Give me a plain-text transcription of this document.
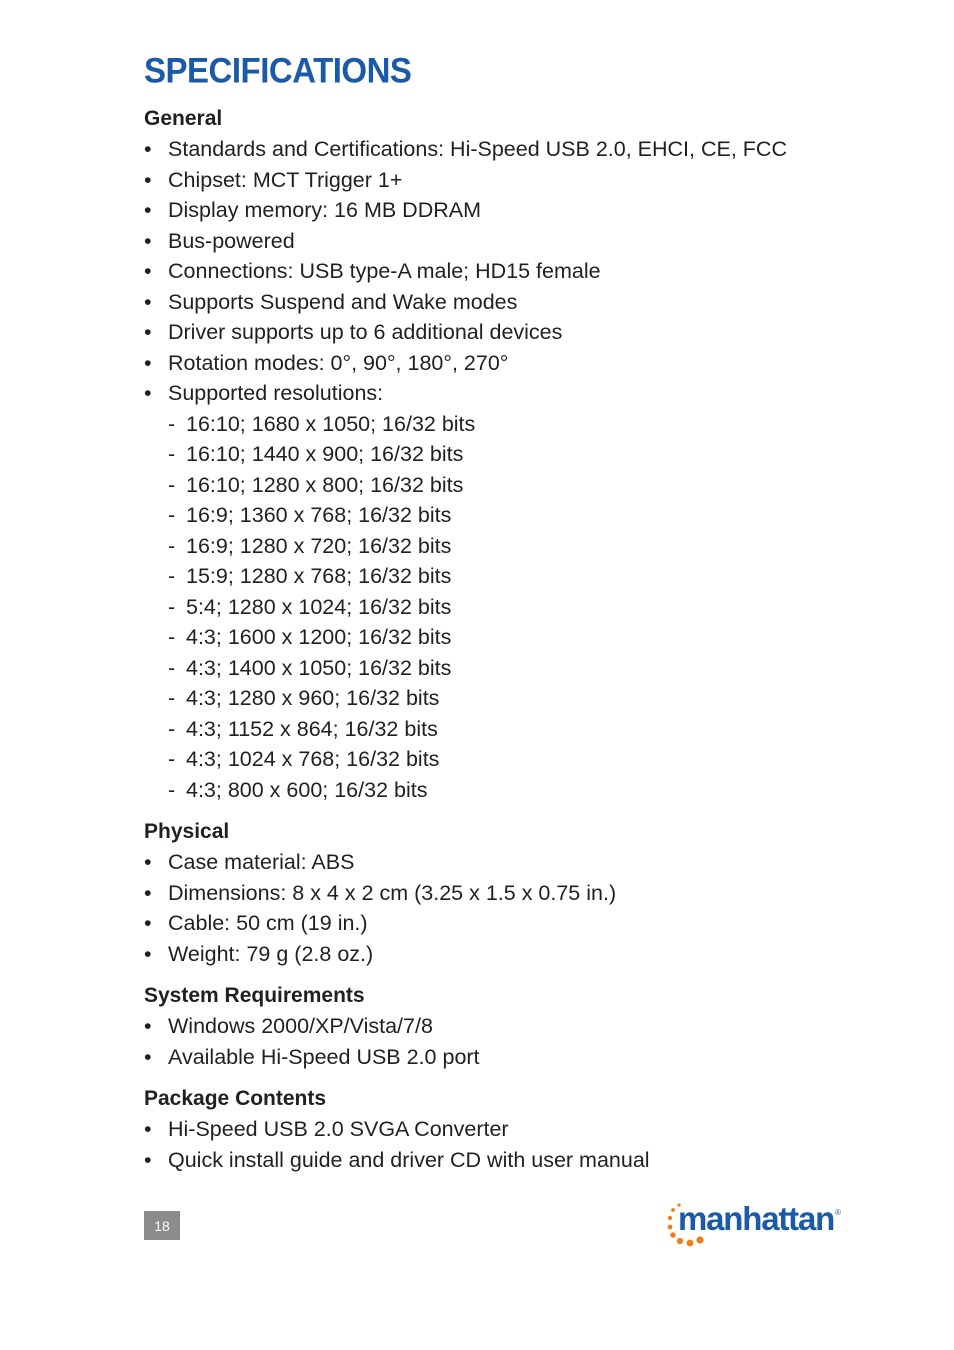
SPECIFICATIONS
General
• Standards and Certifications: Hi-Speed USB 2.0, EHCI, CE, FCC
• Chipset: MCT Trigger 1+
• Display memory: 16 MB DDRAM
• Bus-powered
• Connections: USB type-A male; HD15 female
• Supports Suspend and Wake modes
• Driver supports up to 6 additional devices
• Rotation modes: 0°, 90°, 180°, 270°
• Supported resolutions:
- 16:10; 1680 x 1050; 16/32 bits
- 16:10; 1440 x 900; 16/32 bits
- 16:10; 1280 x 800; 16/32 bits
- 16:9; 1360 x 768; 16/32 bits
- 16:9; 1280 x 720; 16/32 bits
- 15:9; 1280 x 768; 16/32 bits
- 5:4; 1280 x 1024; 16/32 bits
- 4:3; 1600 x 1200; 16/32 bits
- 4:3; 1400 x 1050; 16/32 bits
- 4:3; 1280 x 960; 16/32 bits
- 4:3; 1152 x 864; 16/32 bits
- 4:3; 1024 x 768; 16/32 bits
- 4:3; 800 x 600; 16/32 bits
Physical
• Case material: ABS
• Dimensions: 8 x 4 x 2 cm (3.25 x 1.5 x 0.75 in.)
• Cable: 50 cm (19 in.)
• Weight: 79 g (2.8 oz.)
System Requirements
• Windows 2000/XP/Vista/7/8
• Available Hi-Speed USB 2.0 port
Package Contents
• Hi-Speed USB 2.0 SVGA Converter
• Quick install guide and driver CD with user manual
18	manhattan ®
